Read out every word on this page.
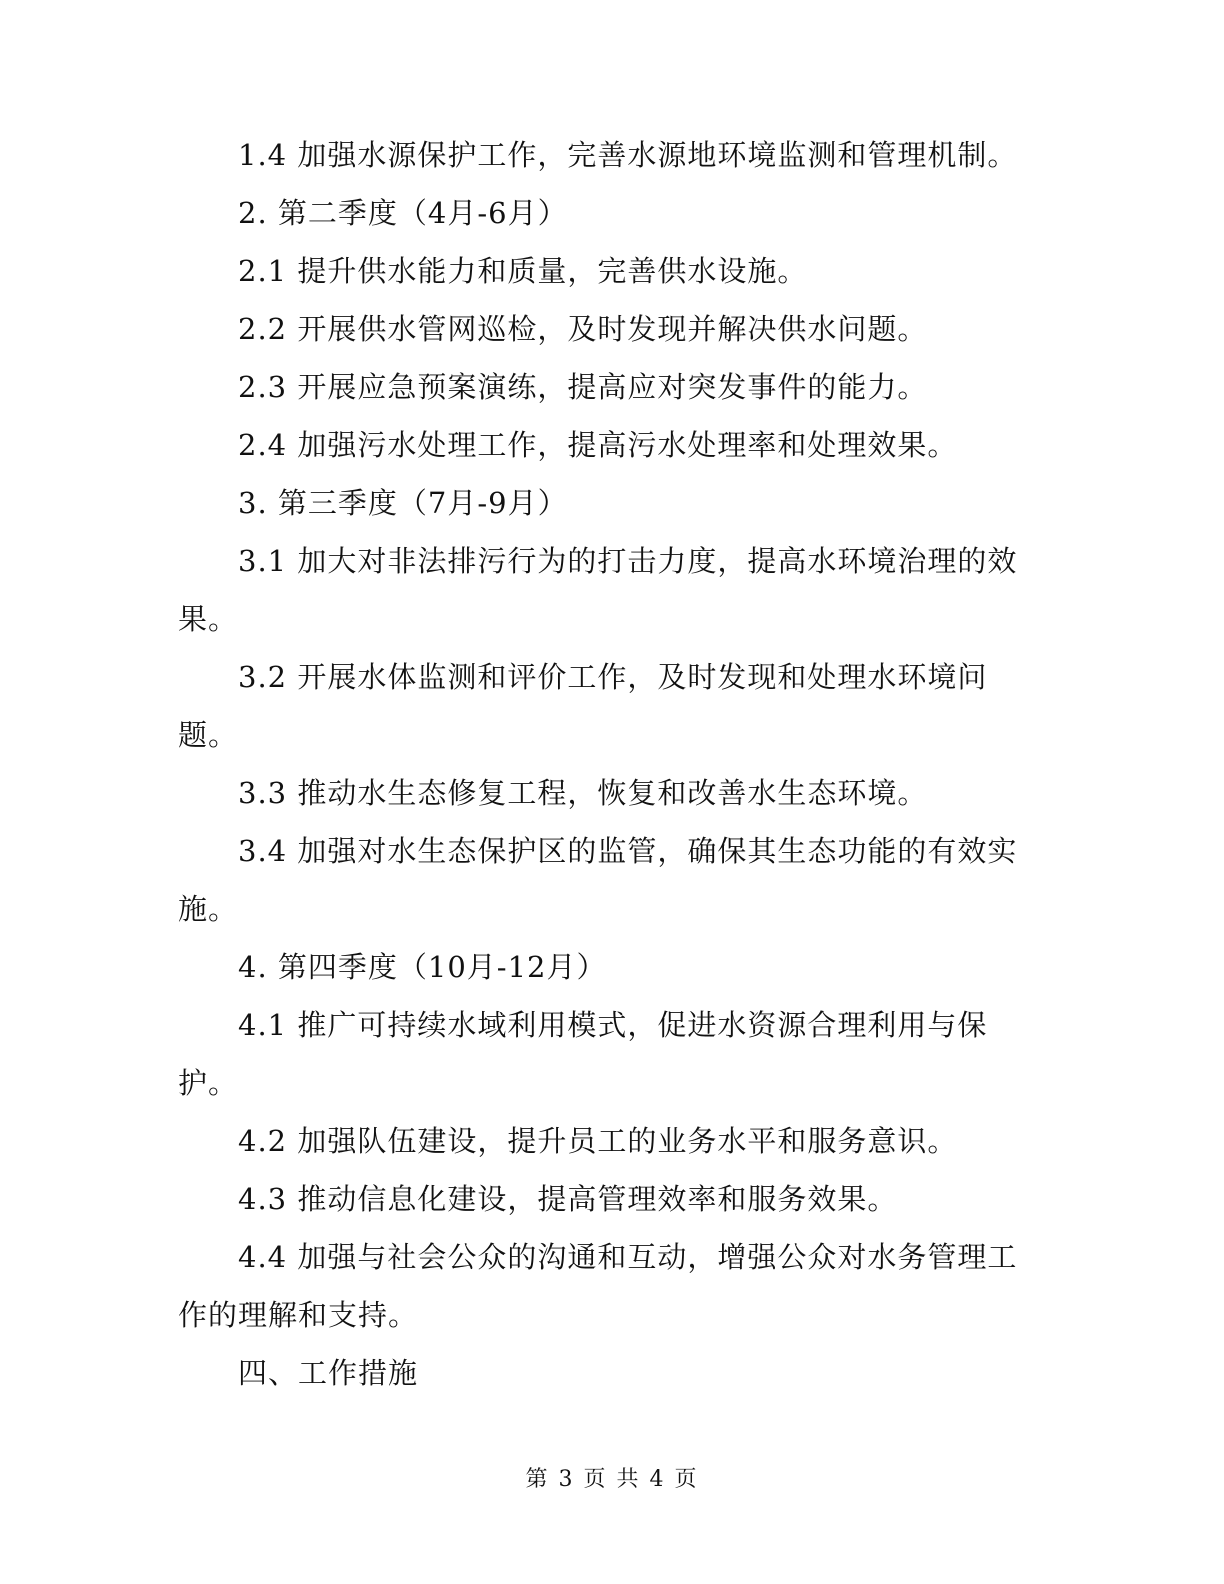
1.4 加强水源保护工作，完善水源地环境监测和管理机制。

2. 第二季度（4月-6月）

2.1 提升供水能力和质量，完善供水设施。

2.2 开展供水管网巡检，及时发现并解决供水问题。

2.3 开展应急预案演练，提高应对突发事件的能力。

2.4 加强污水处理工作，提高污水处理率和处理效果。

3. 第三季度（7月-9月）

3.1 加大对非法排污行为的打击力度，提高水环境治理的效果。

3.2 开展水体监测和评价工作，及时发现和处理水环境问题。

3.3 推动水生态修复工程，恢复和改善水生态环境。

3.4 加强对水生态保护区的监管，确保其生态功能的有效实施。

4. 第四季度（10月-12月）

4.1 推广可持续水域利用模式，促进水资源合理利用与保护。

4.2 加强队伍建设，提升员工的业务水平和服务意识。

4.3 推动信息化建设，提高管理效率和服务效果。

4.4 加强与社会公众的沟通和互动，增强公众对水务管理工作的理解和支持。

四、工作措施

第 3 页 共 4 页
